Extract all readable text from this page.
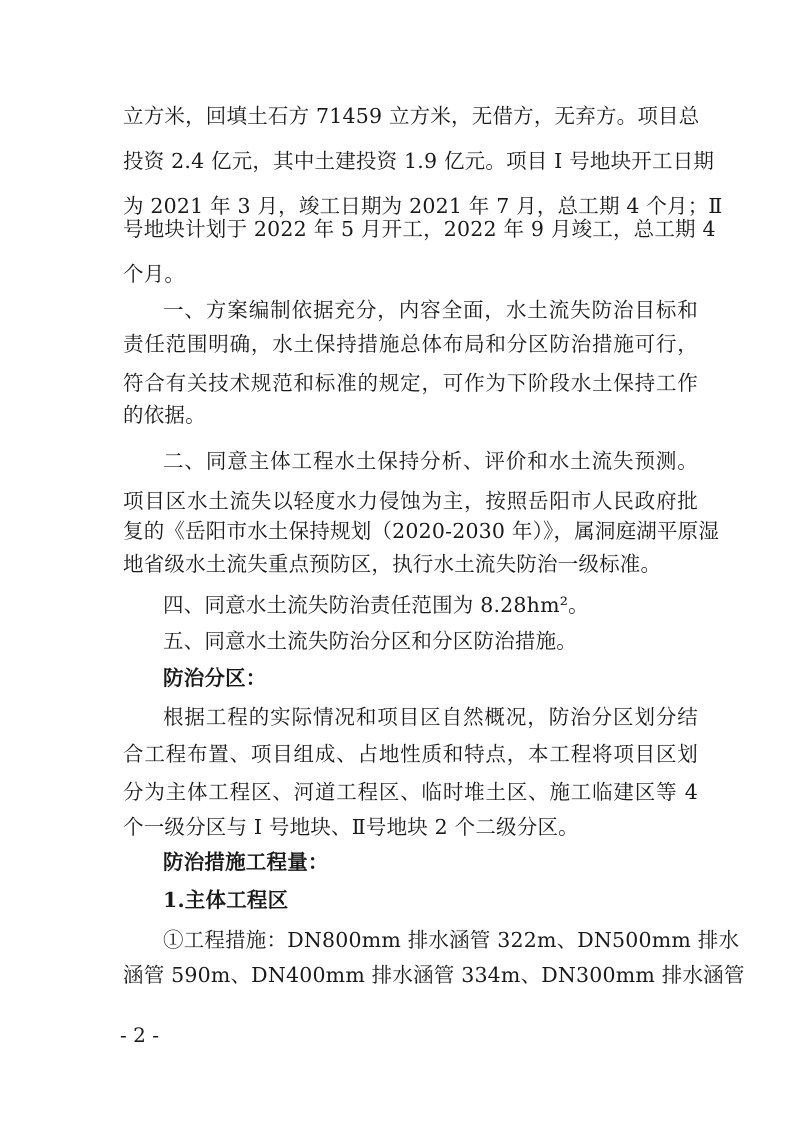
立方米，回填土石方 71459 立方米，无借方，无弃方。项目总
投资 2.4 亿元，其中土建投资 1.9 亿元。项目 I 号地块开工日期
为 2021 年 3 月，竣工日期为 2021 年 7 月，总工期 4 个月；Ⅱ
号地块计划于 2022 年 5 月开工，2022 年 9 月竣工，总工期 4
个月。
一、方案编制依据充分，内容全面，水土流失防治目标和
责任范围明确，水土保持措施总体布局和分区防治措施可行，
符合有关技术规范和标准的规定，可作为下阶段水土保持工作
的依据。
二、同意主体工程水土保持分析、评价和水土流失预测。
项目区水土流失以轻度水力侵蚀为主，按照岳阳市人民政府批
复的《岳阳市水土保持规划（2020-2030 年）》，属洞庭湖平原湿
地省级水土流失重点预防区，执行水土流失防治一级标准。
四、同意水土流失防治责任范围为 8.28hm²。
五、同意水土流失防治分区和分区防治措施。
防治分区：
根据工程的实际情况和项目区自然概况，防治分区划分结
合工程布置、项目组成、占地性质和特点，本工程将项目区划
分为主体工程区、河道工程区、临时堆土区、施工临建区等 4
个一级分区与 I 号地块、Ⅱ号地块 2 个二级分区。
防治措施工程量：
1.主体工程区
①工程措施：DN800mm 排水涵管 322m、DN500mm 排水
涵管 590m、DN400mm 排水涵管 334m、DN300mm 排水涵管
- 2 -
